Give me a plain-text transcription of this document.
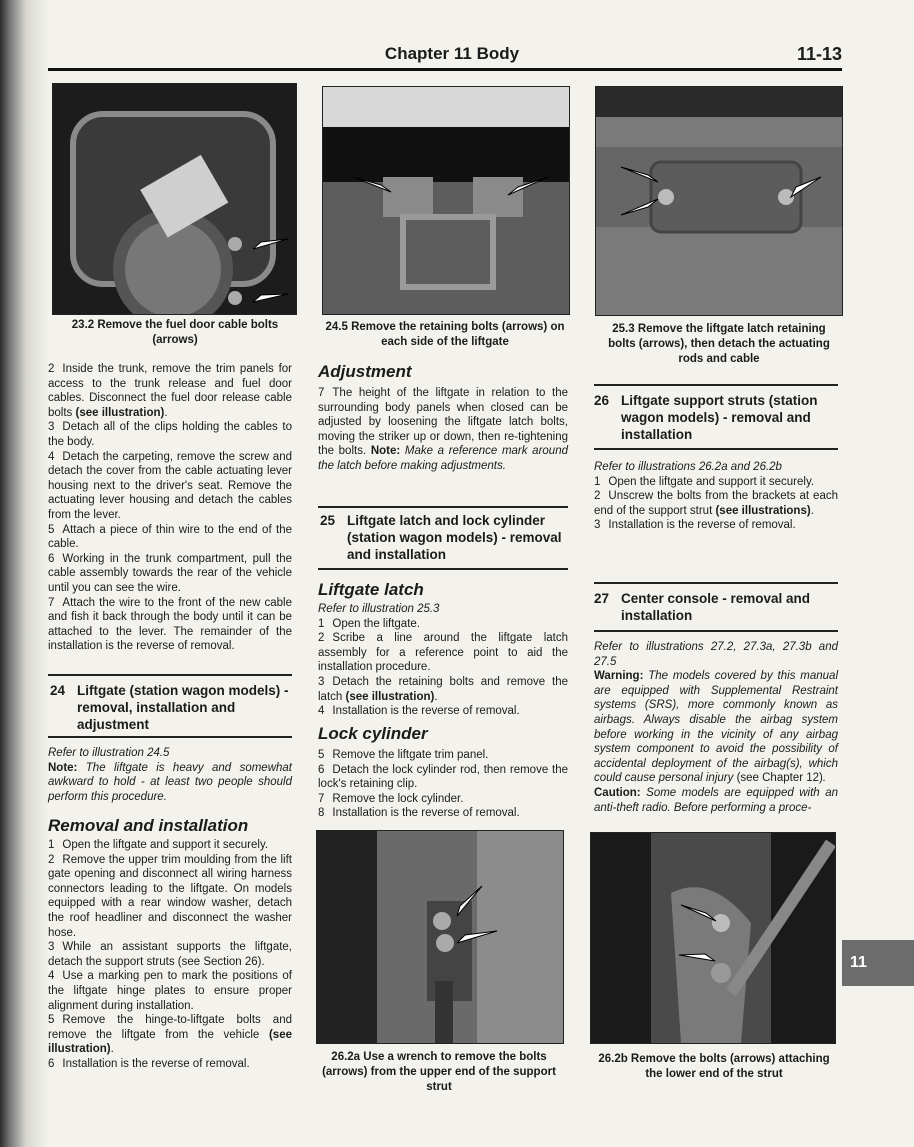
Chapter 11 Body	11-13
23.2 Remove the fuel door cable bolts (arrows)
24.5 Remove the retaining bolts (arrows) on each side of the liftgate
25.3 Remove the liftgate latch retaining bolts (arrows), then detach the actuating rods and cable

2 Inside the trunk, remove the trim panels for access to the trunk release and fuel door cables. Disconnect the fuel door release cable bolts (see illustration).

3 Detach all of the clips holding the cables to the body.

4 Detach the carpeting, remove the screw and detach the cover from the cable actuating lever housing next to the driver's seat. Remove the actuating lever housing and detach the cables from the lever.

5 Attach a piece of thin wire to the end of the cable.

6 Working in the trunk compartment, pull the cable assembly towards the rear of the vehicle until you can see the wire.

7 Attach the wire to the front of the new cable and fish it back through the body until it can be attached to the lever. The remainder of the installation is the reverse of removal.

24 Liftgate (station wagon models) - removal, installation and adjustment

Refer to illustration 24.5

Note: The liftgate is heavy and somewhat awkward to hold - at least two people should perform this procedure.

Removal and installation

1 Open the liftgate and support it securely.

2 Remove the upper trim moulding from the lift gate opening and disconnect all wiring harness connectors leading to the liftgate. On models equipped with a rear window washer, detach the roof headliner and disconnect the washer hose.

3 While an assistant supports the liftgate, detach the support struts (see Section 26).

4 Use a marking pen to mark the positions of the liftgate hinge plates to ensure proper alignment during installation.

5 Remove the hinge-to-liftgate bolts and remove the liftgate from the vehicle (see illustration).

6 Installation is the reverse of removal.

Adjustment

7 The height of the liftgate in relation to the surrounding body panels when closed can be adjusted by loosening the liftgate latch bolts, moving the striker up or down, then re-tightening the bolts. Note: Make a reference mark around the latch before making adjustments.

25 Liftgate latch and lock cylinder (station wagon models) - removal and installation
Liftgate latch

Refer to illustration 25.3

1 Open the liftgate.

2 Scribe a line around the liftgate latch assembly for a reference point to aid the installation procedure.

3 Detach the retaining bolts and remove the latch (see illustration).

4 Installation is the reverse of removal.

Lock cylinder

5 Remove the liftgate trim panel.

6 Detach the lock cylinder rod, then remove the lock's retaining clip.

7 Remove the lock cylinder.

8 Installation is the reverse of removal.

26.2a Use a wrench to remove the bolts (arrows) from the upper end of the support strut
26 Liftgate support struts (station wagon models) - removal and installation

Refer to illustrations 26.2a and 26.2b

1 Open the liftgate and support it securely.

2 Unscrew the bolts from the brackets at each end of the support strut (see illustrations).

3 Installation is the reverse of removal.

27 Center console - removal and installation

Refer to illustrations 27.2, 27.3a, 27.3b and 27.5

Warning: The models covered by this manual are equipped with Supplemental Restraint systems (SRS), more commonly known as airbags. Always disable the airbag system before working in the vicinity of any airbag system component to avoid the possibility of accidental deployment of the airbag(s), which could cause personal injury (see Chapter 12).

Caution: Some models are equipped with an anti-theft radio. Before performing a proce-

26.2b Remove the bolts (arrows) attaching the lower end of the strut
11
